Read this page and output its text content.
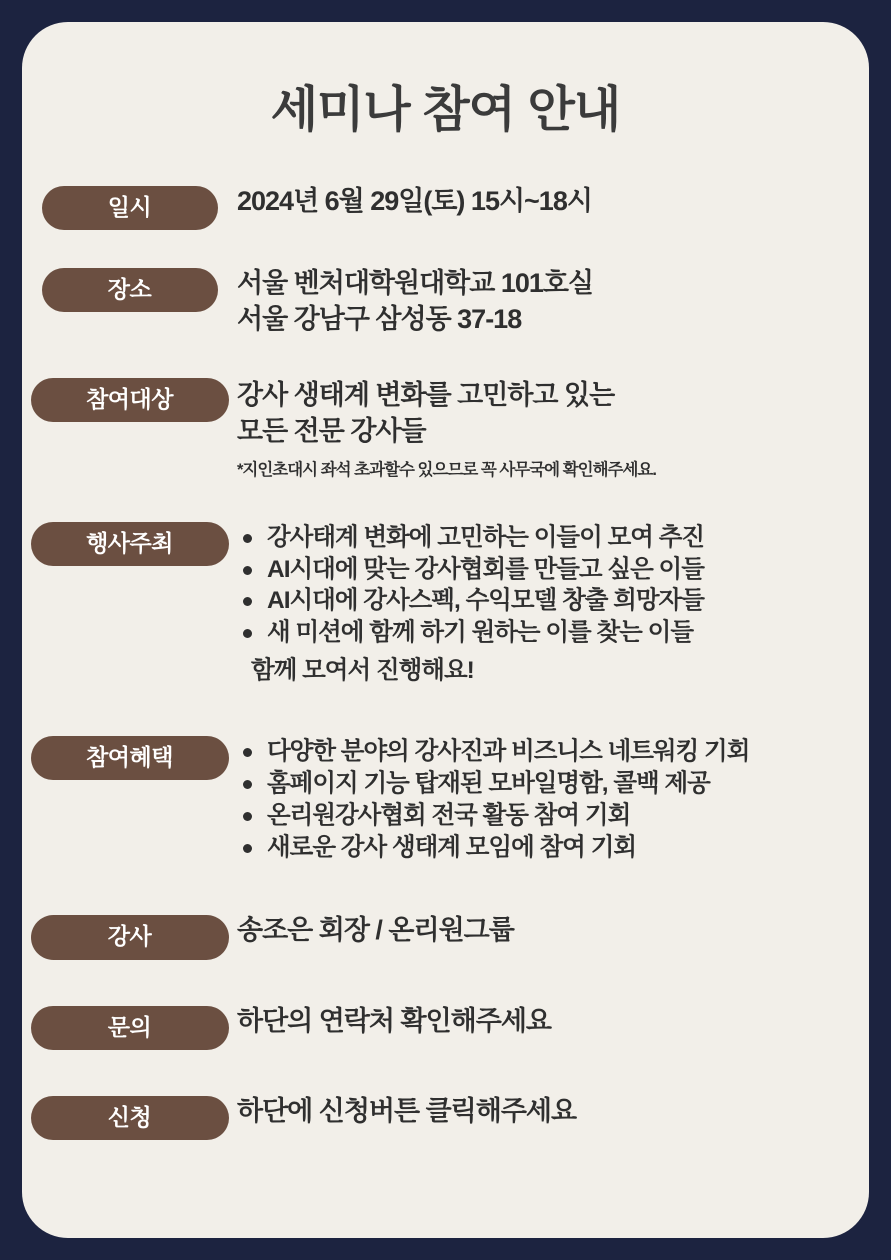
세미나 참여 안내
일시	2024년 6월 29일(토) 15시~18시
장소	서울 벤처대학원대학교 101호실
서울 강남구 삼성동 37-18
참여대상	강사 생태계 변화를 고민하고 있는
모든 전문 강사들
*지인초대시 좌석 초과할수 있으므로 꼭 사무국에 확인해주세요.
행사주최	강사태계 변화에 고민하는 이들이 모여 추진
AI시대에 맞는 강사협회를 만들고 싶은 이들
AI시대에 강사스펙, 수익모델 창출 희망자들
새 미션에 함께 하기 원하는 이를 찾는 이들
함께 모여서 진행해요!
참여혜택	다양한 분야의 강사진과 비즈니스 네트워킹 기회
홈페이지 기능 탑재된 모바일명함, 콜백 제공
온리원강사협회 전국 활동 참여 기회
새로운 강사 생태계 모임에 참여 기회
강사	송조은 회장 / 온리원그룹
문의	하단의 연락처 확인해주세요
신청	하단에 신청버튼 클릭해주세요
